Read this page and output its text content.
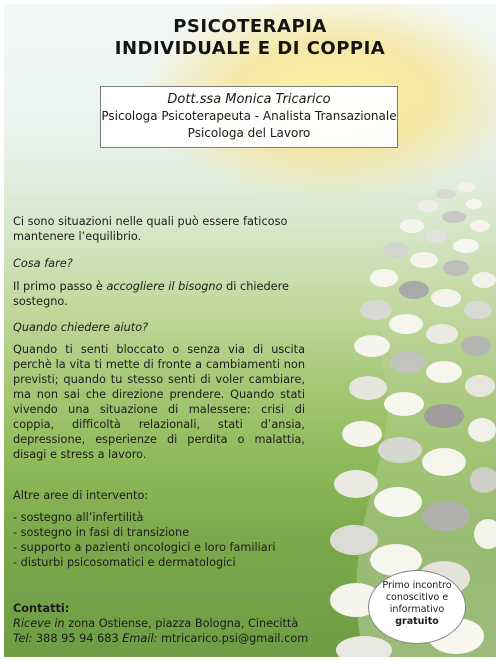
PSICOTERAPIA
INDIVIDUALE E DI COPPIA
Dott.ssa Monica Tricarico
Psicologa Psicoterapeuta - Analista Transazionale
Psicologa del Lavoro
Ci sono situazioni nelle quali può essere faticoso mantenere l’equilibrio.
Cosa fare?
Il primo passo è accogliere il bisogno di chiedere sostegno.
Quando chiedere aiuto?
Quando ti senti bloccato o senza via di uscita perchè la vita ti mette di fronte a cambiamenti non previsti; quando tu stesso senti di voler cambiare, ma non sai che direzione prendere. Quando stati vivendo una situazione di malessere: crisi di coppia, difficoltà relazionali, stati d’ansia, depressione, esperienze di perdita o malattia, disagi e stress a lavoro.
Altre aree di intervento:
- sostegno all’infertilità
- sostegno in fasi di transizione
- supporto a pazienti oncologici e loro familiari
- disturbi psicosomatici e dermatologici
Contatti:
Riceve in zona Ostiense, piazza Bologna, Cinecittà
Tel: 388 95 94 683 Email: mtricarico.psi@gmail.com
Primo incontro
conoscitivo e
informativo
gratuito
